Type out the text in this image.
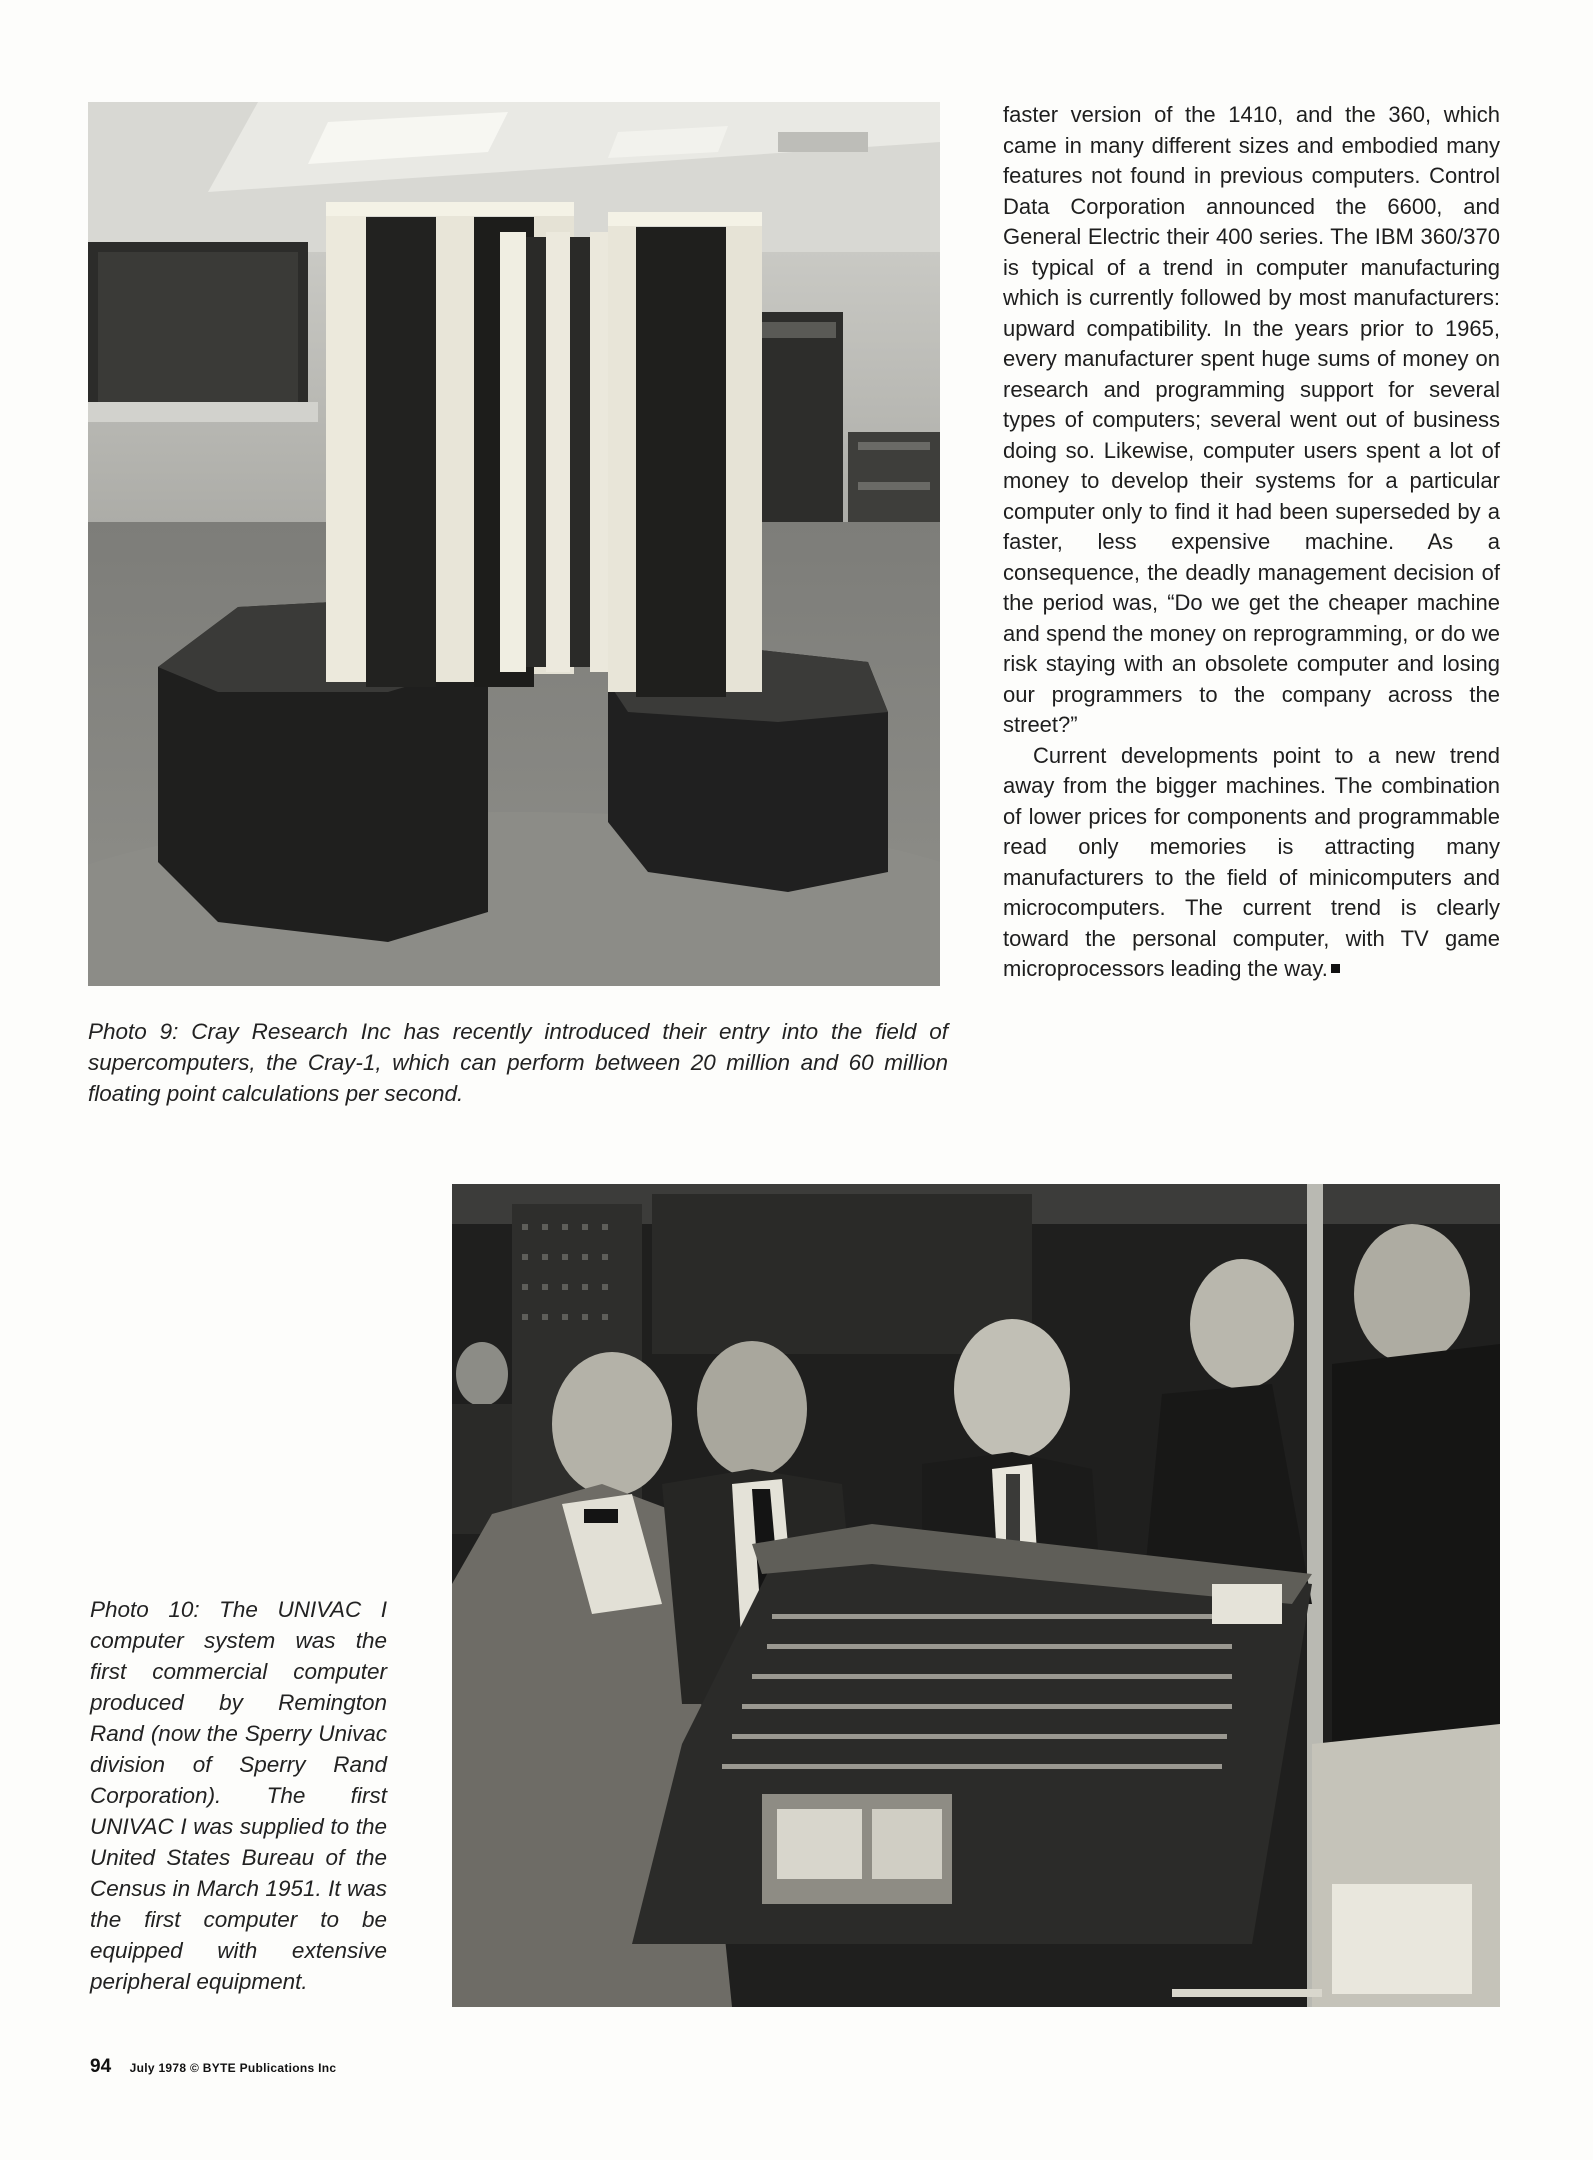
Photo 9: Cray Research Inc has recently introduced their entry into the field of supercomputers, the Cray-1, which can perform between 20 million and 60 million floating point calculations per second.

faster version of the 1410, and the 360, which came in many different sizes and embodied many features not found in previous computers. Control Data Corporation announced the 6600, and General Electric their 400 series. The IBM 360/370 is typical of a trend in computer manufacturing which is currently followed by most manufacturers: upward compatibility. In the years prior to 1965, every manufacturer spent huge sums of money on research and programming support for several types of computers; several went out of business doing so. Likewise, computer users spent a lot of money to develop their systems for a particular computer only to find it had been superseded by a faster, less expensive machine. As a consequence, the deadly management decision of the period was, “Do we get the cheaper machine and spend the money on reprogramming, or do we risk staying with an obsolete computer and losing our programmers to the company across the street?”

Current developments point to a new trend away from the bigger machines. The combination of lower prices for components and programmable read only memories is attracting many manufacturers to the field of minicomputers and microcomputers. The current trend is clearly toward the personal computer, with TV game microprocessors leading the way.

Photo 10: The UNIVAC I computer system was the first commercial computer produced by Remington Rand (now the Sperry Univac division of Sperry Rand Corporation). The first UNIVAC I was supplied to the United States Bureau of the Census in March 1951. It was the first computer to be equipped with extensive peripheral equipment.

94 July 1978 © BYTE Publications Inc
